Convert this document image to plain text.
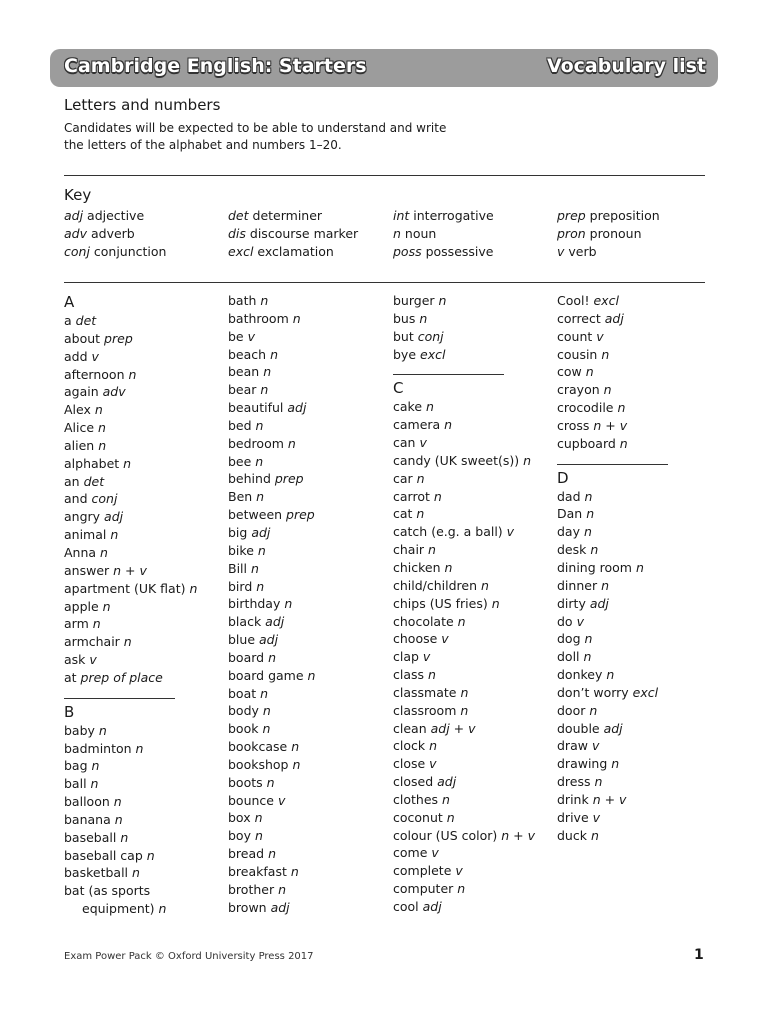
Cambridge English: Starters	Vocabulary list
Letters and numbers
Candidates will be expected to be able to understand and write
the letters of the alphabet and numbers 1–20.
Key
adj adjective
adv adverb
conj conjunction
det determiner
dis discourse marker
excl exclamation
int interrogative
n noun
poss possessive
prep preposition
pron pronoun
v verb
A
a det
about prep
add v
afternoon n
again adv
Alex n
Alice n
alien n
alphabet n
an det
and conj
angry adj
animal n
Anna n
answer n + v
apartment (UK flat) n
apple n
arm n
armchair n
ask v
at prep of place
B
baby n
badminton n
bag n
ball n
balloon n
banana n
baseball n
baseball cap n
basketball n
bat (as sports
equipment) n
bath n
bathroom n
be v
beach n
bean n
bear n
beautiful adj
bed n
bedroom n
bee n
behind prep
Ben n
between prep
big adj
bike n
Bill n
bird n
birthday n
black adj
blue adj
board n
board game n
boat n
body n
book n
bookcase n
bookshop n
boots n
bounce v
box n
boy n
bread n
breakfast n
brother n
brown adj
burger n
bus n
but conj
bye excl
C
cake n
camera n
can v
candy (UK sweet(s)) n
car n
carrot n
cat n
catch (e.g. a ball) v
chair n
chicken n
child/children n
chips (US fries) n
chocolate n
choose v
clap v
class n
classmate n
classroom n
clean adj + v
clock n
close v
closed adj
clothes n
coconut n
colour (US color) n + v
come v
complete v
computer n
cool adj
Cool! excl
correct adj
count v
cousin n
cow n
crayon n
crocodile n
cross n + v
cupboard n
D
dad n
Dan n
day n
desk n
dining room n
dinner n
dirty adj
do v
dog n
doll n
donkey n
don’t worry excl
door n
double adj
draw v
drawing n
dress n
drink n + v
drive v
duck n
Exam Power Pack © Oxford University Press 2017	1
